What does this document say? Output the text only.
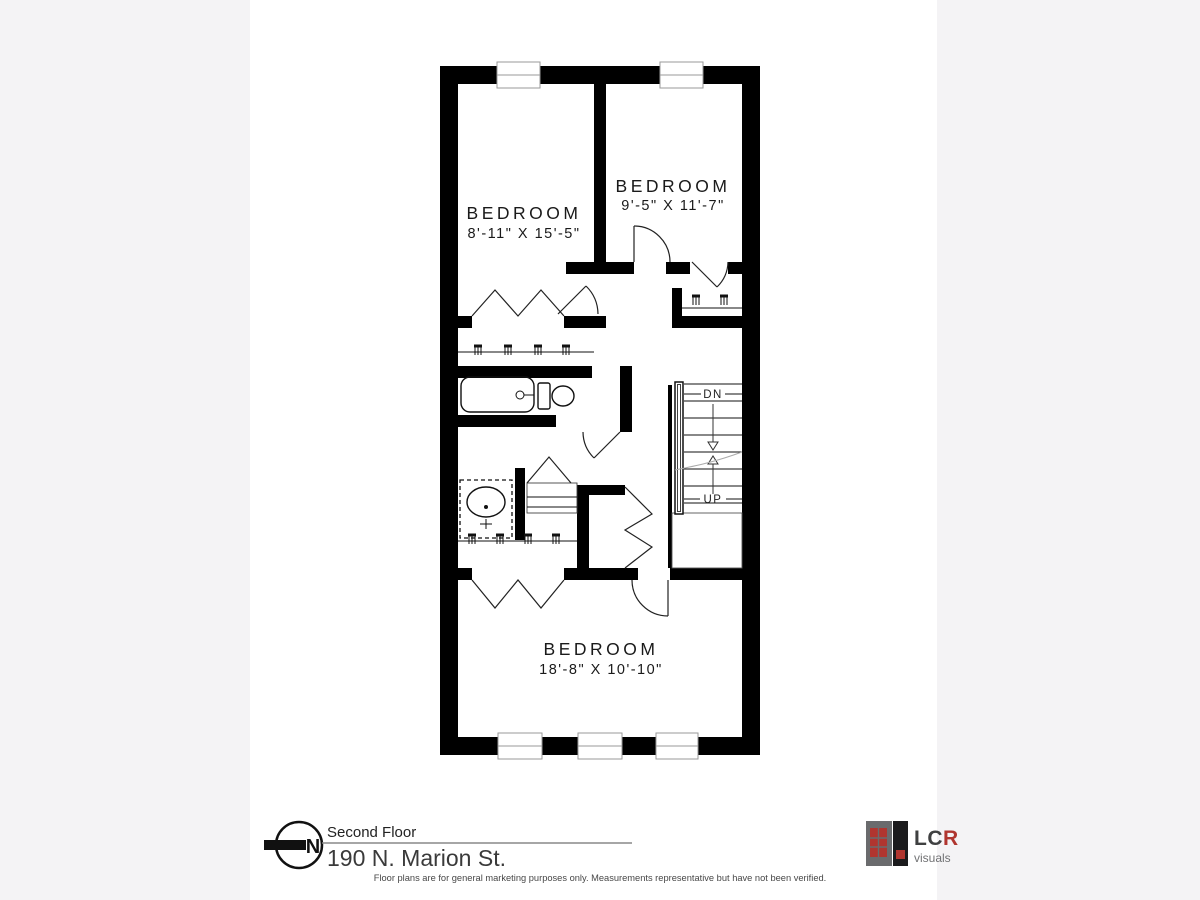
DN
UP
BEDROOM
8'-11" X 15'-5"
BEDROOM
9'-5" X 11'-7"
BEDROOM
18'-8" X 10'-10"
N
Second Floor
190 N. Marion St.
Floor plans are for general marketing purposes only. Measurements representative but have not been verified.
LCR
visuals
